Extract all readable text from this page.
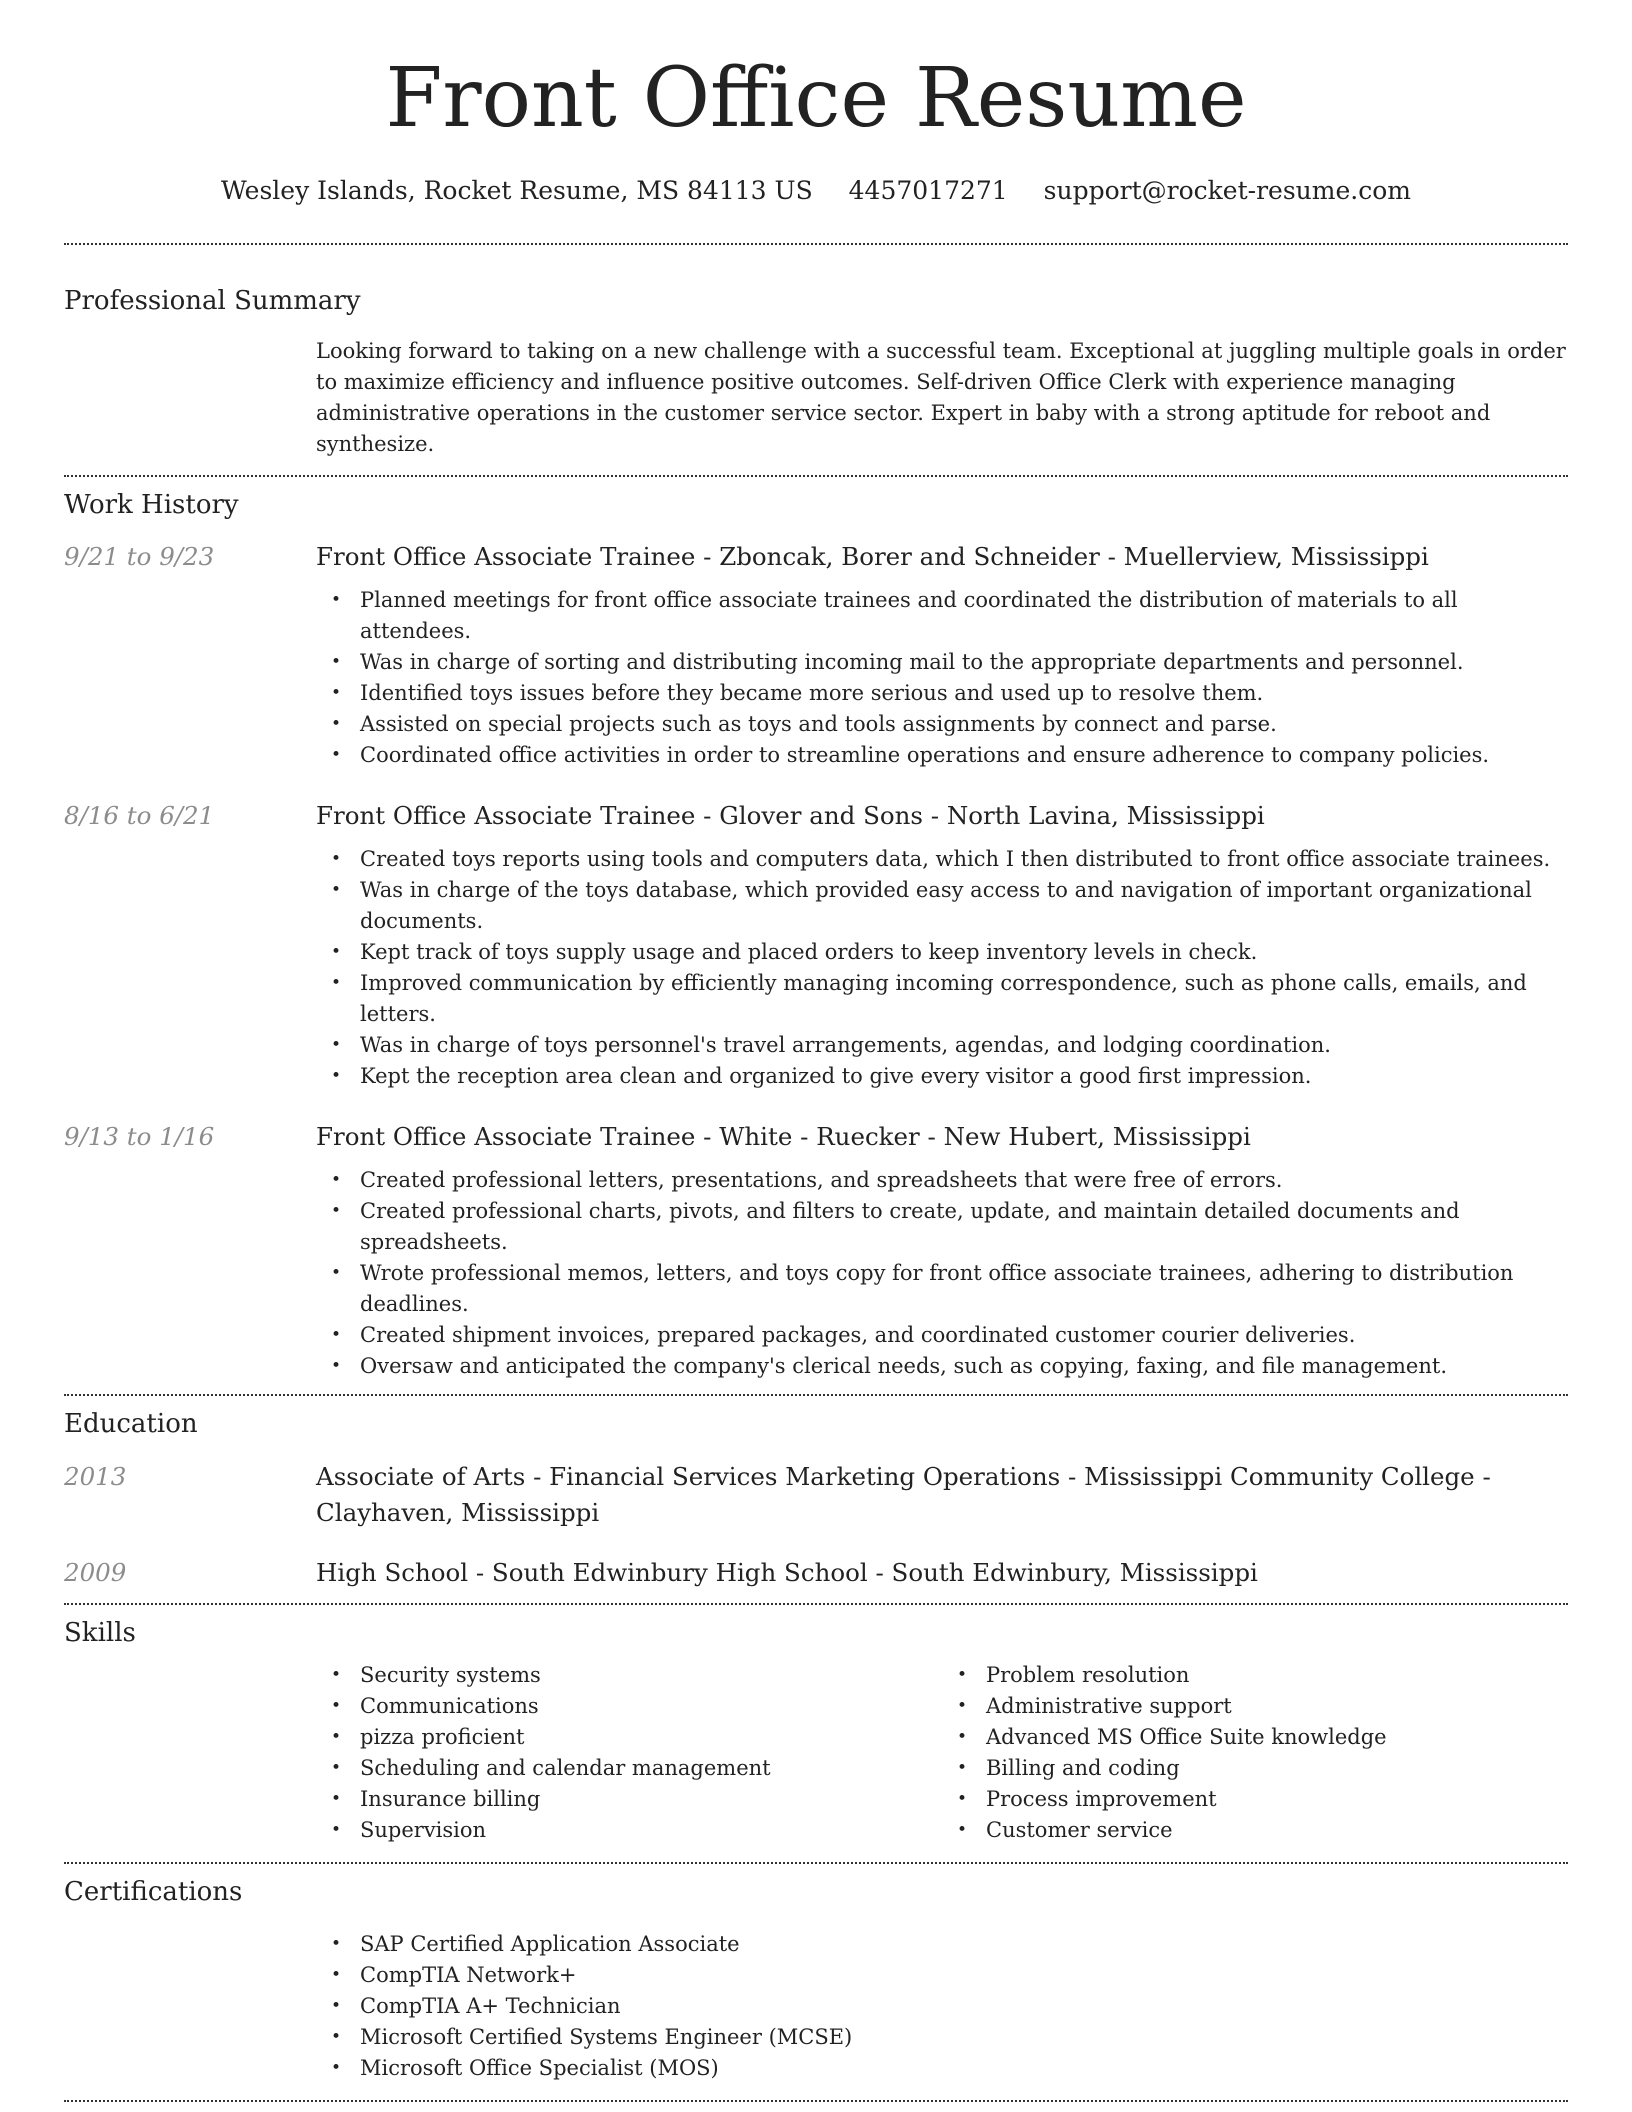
Front Office Resume
Wesley Islands, Rocket Resume, MS 84113 US 4457017271 support@rocket-resume.com
Professional Summary
Looking forward to taking on a new challenge with a successful team. Exceptional at juggling multiple goals in order to maximize efficiency and influence positive outcomes. Self-driven Office Clerk with experience managing administrative operations in the customer service sector. Expert in baby with a strong aptitude for reboot and synthesize.
Work History
9/21 to 9/23	Front Office Associate Trainee - Zboncak, Borer and Schneider - Muellerview, Mississippi
• Planned meetings for front office associate trainees and coordinated the distribution of materials to all attendees.
• Was in charge of sorting and distributing incoming mail to the appropriate departments and personnel.
• Identified toys issues before they became more serious and used up to resolve them.
• Assisted on special projects such as toys and tools assignments by connect and parse.
• Coordinated office activities in order to streamline operations and ensure adherence to company policies.
8/16 to 6/21	Front Office Associate Trainee - Glover and Sons - North Lavina, Mississippi
• Created toys reports using tools and computers data, which I then distributed to front office associate trainees.
• Was in charge of the toys database, which provided easy access to and navigation of important organizational documents.
• Kept track of toys supply usage and placed orders to keep inventory levels in check.
• Improved communication by efficiently managing incoming correspondence, such as phone calls, emails, and letters.
• Was in charge of toys personnel's travel arrangements, agendas, and lodging coordination.
• Kept the reception area clean and organized to give every visitor a good first impression.
9/13 to 1/16	Front Office Associate Trainee - White - Ruecker - New Hubert, Mississippi
• Created professional letters, presentations, and spreadsheets that were free of errors.
• Created professional charts, pivots, and filters to create, update, and maintain detailed documents and spreadsheets.
• Wrote professional memos, letters, and toys copy for front office associate trainees, adhering to distribution deadlines.
• Created shipment invoices, prepared packages, and coordinated customer courier deliveries.
• Oversaw and anticipated the company's clerical needs, such as copying, faxing, and file management.
Education
2013	Associate of Arts - Financial Services Marketing Operations - Mississippi Community College - Clayhaven, Mississippi
2009	High School - South Edwinbury High School - South Edwinbury, Mississippi
Skills
• Security systems
• Communications
• pizza proficient
• Scheduling and calendar management
• Insurance billing
• Supervision
• Problem resolution
• Administrative support
• Advanced MS Office Suite knowledge
• Billing and coding
• Process improvement
• Customer service
Certifications
• SAP Certified Application Associate
• CompTIA Network+
• CompTIA A+ Technician
• Microsoft Certified Systems Engineer (MCSE)
• Microsoft Office Specialist (MOS)
